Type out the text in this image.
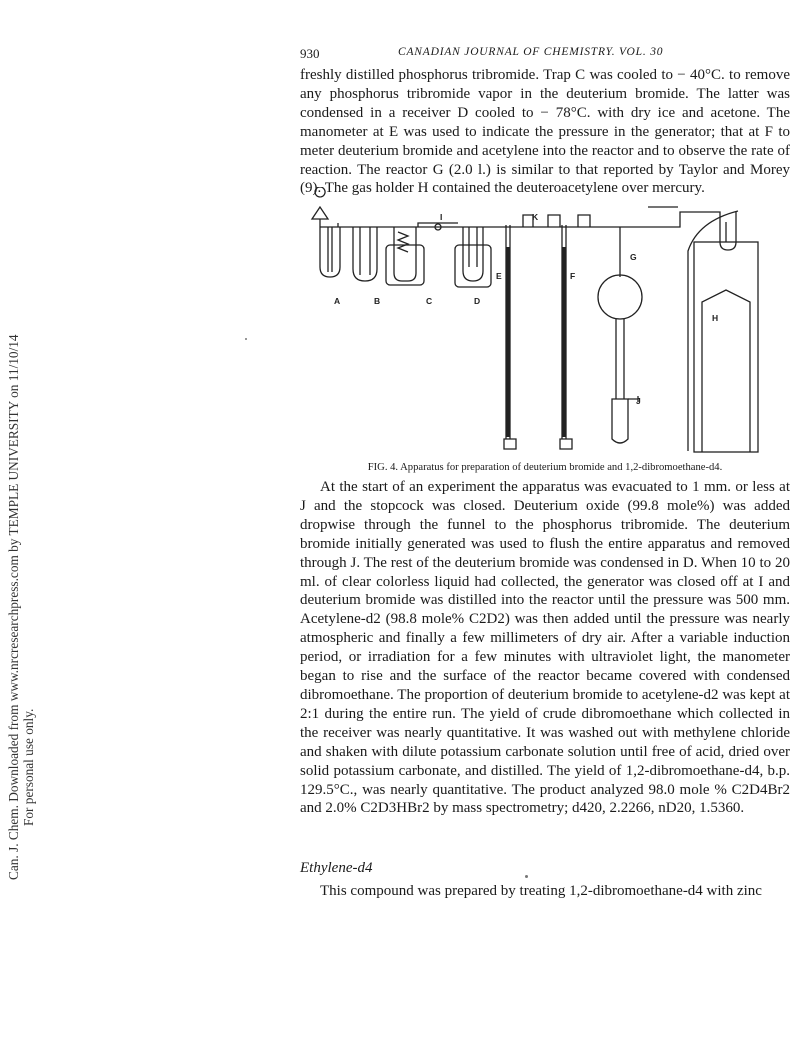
Can. J. Chem. Downloaded from www.nrcresearchpress.com by TEMPLE UNIVERSITY on 11/10/14 For personal use only.
930	CANADIAN JOURNAL OF CHEMISTRY. VOL. 30
freshly distilled phosphorus tribromide. Trap C was cooled to − 40°C. to remove any phosphorus tribromide vapor in the deuterium bromide. The latter was condensed in a receiver D cooled to − 78°C. with dry ice and acetone. The manometer at E was used to indicate the pressure in the generator; that at F to meter deuterium bromide and acetylene into the reactor and to observe the rate of reaction. The reactor G (2.0 l.) is similar to that reported by Taylor and Morey (9). The gas holder H contained the deuteroacetylene over mercury.
A	B	C	D
E	F
G
H
I
J
K
FIG. 4. Apparatus for preparation of deuterium bromide and 1,2-dibromoethane-d4.
At the start of an experiment the apparatus was evacuated to 1 mm. or less at J and the stopcock was closed. Deuterium oxide (99.8 mole%) was added dropwise through the funnel to the phosphorus tribromide. The deuterium bromide initially generated was used to flush the entire apparatus and removed through J. The rest of the deuterium bromide was condensed in D. When 10 to 20 ml. of clear colorless liquid had collected, the generator was closed off at I and deuterium bromide was distilled into the reactor until the pressure was 500 mm. Acetylene-d2 (98.8 mole% C2D2) was then added until the pressure was nearly atmospheric and finally a few millimeters of dry air. After a variable induction period, or irradiation for a few minutes with ultraviolet light, the manometer began to rise and the surface of the reactor became covered with condensed dibromoethane. The proportion of deuterium bromide to acetylene-d2 was kept at 2:1 during the entire run. The yield of crude dibromoethane which collected in the receiver was nearly quantitative. It was washed out with methylene chloride and shaken with dilute potassium carbonate solution until free of acid, dried over solid potassium carbonate, and distilled. The yield of 1,2-dibromoethane-d4, b.p. 129.5°C., was nearly quantitative. The product analyzed 98.0 mole % C2D4Br2 and 2.0% C2D3HBr2 by mass spectrometry; d420, 2.2266, nD20, 1.5360.
Ethylene-d4
This compound was prepared by treating 1,2-dibromoethane-d4 with zinc
